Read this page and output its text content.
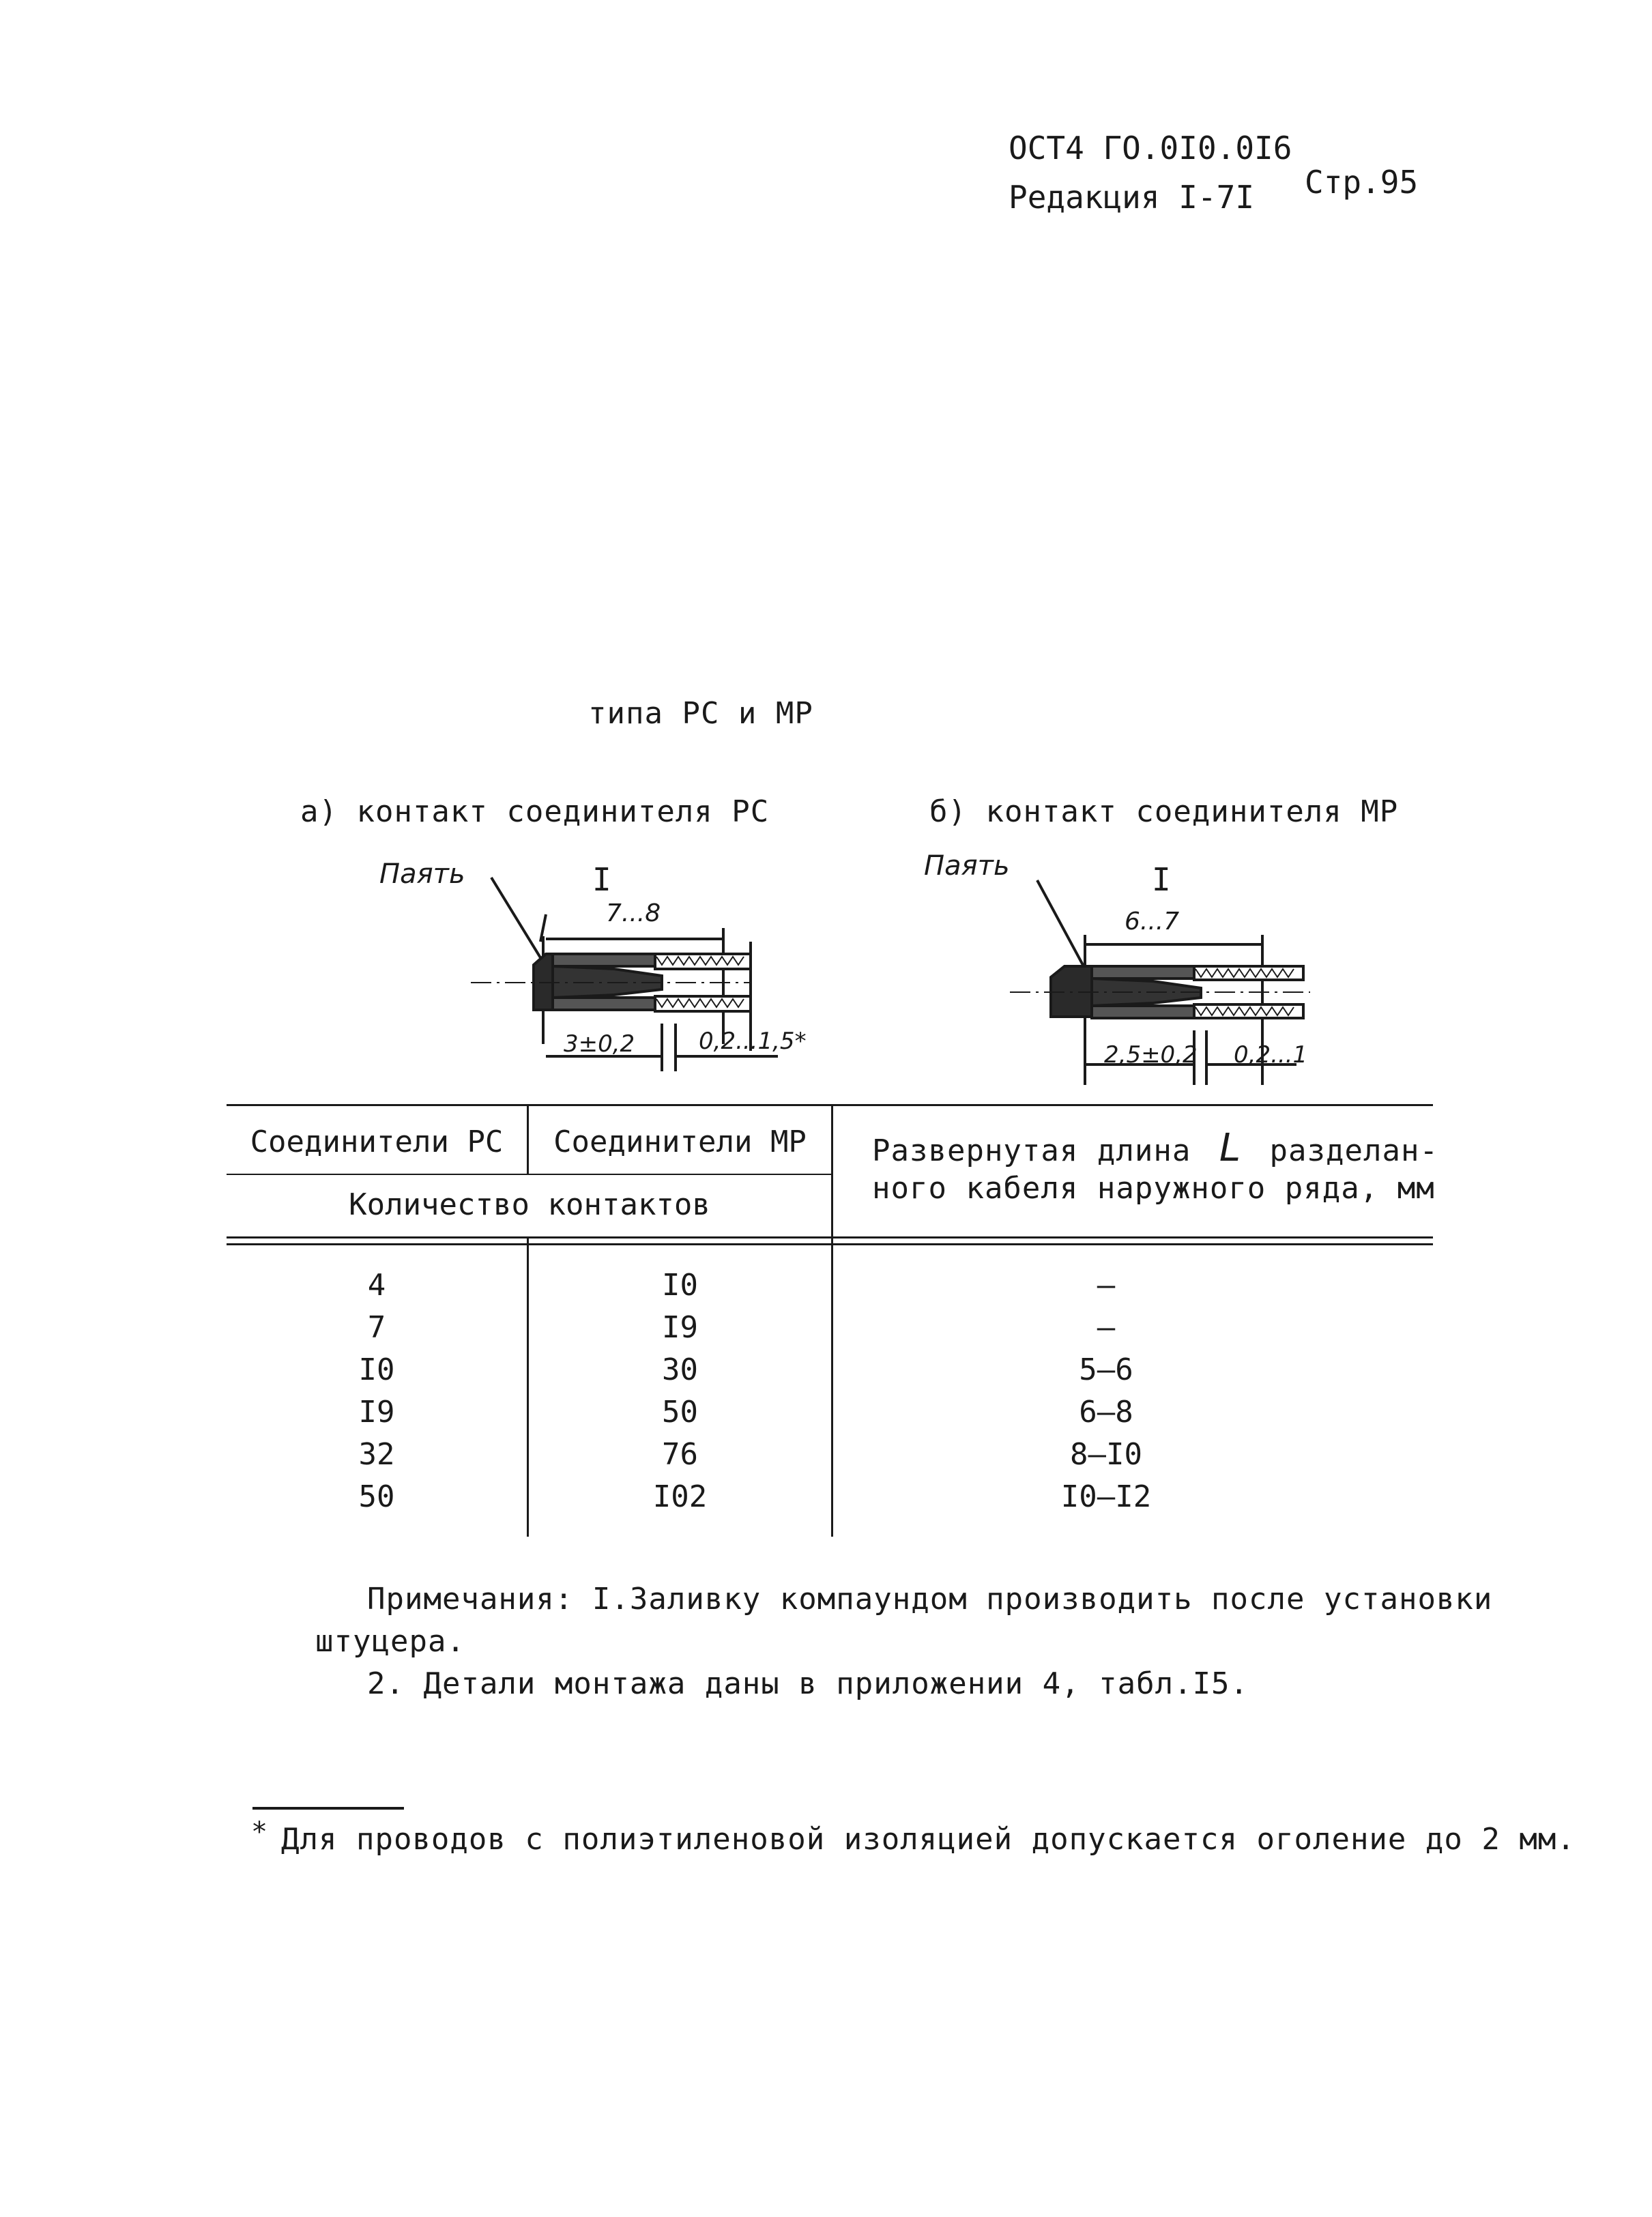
ОСТ4 ГО.0I0.0I6
Редакция I-7I Стр.95
типа РС и МР
а) контакт соединителя РС
Паять	I
7...8
3±0,2	0,2...1,5*
б) контакт соединителя МР
Паять	I
6...7
2,5±0,2 0,2...1
Соединители РС	Соединители МР
Количество контактов
Развернутая длина L разделан-
ного кабеля наружного ряда, мм
4	I0	–
7	I9	–
I0	30	5–6
I9	50	6–8
32	76	8–I0
50	I02	I0–I2
Примечания: I.Заливку компаундом производить после установки
штуцера.
2. Детали монтажа даны в приложении 4, табл.I5.
* Для проводов с полиэтиленовой изоляцией допускается оголение до 2 мм.
